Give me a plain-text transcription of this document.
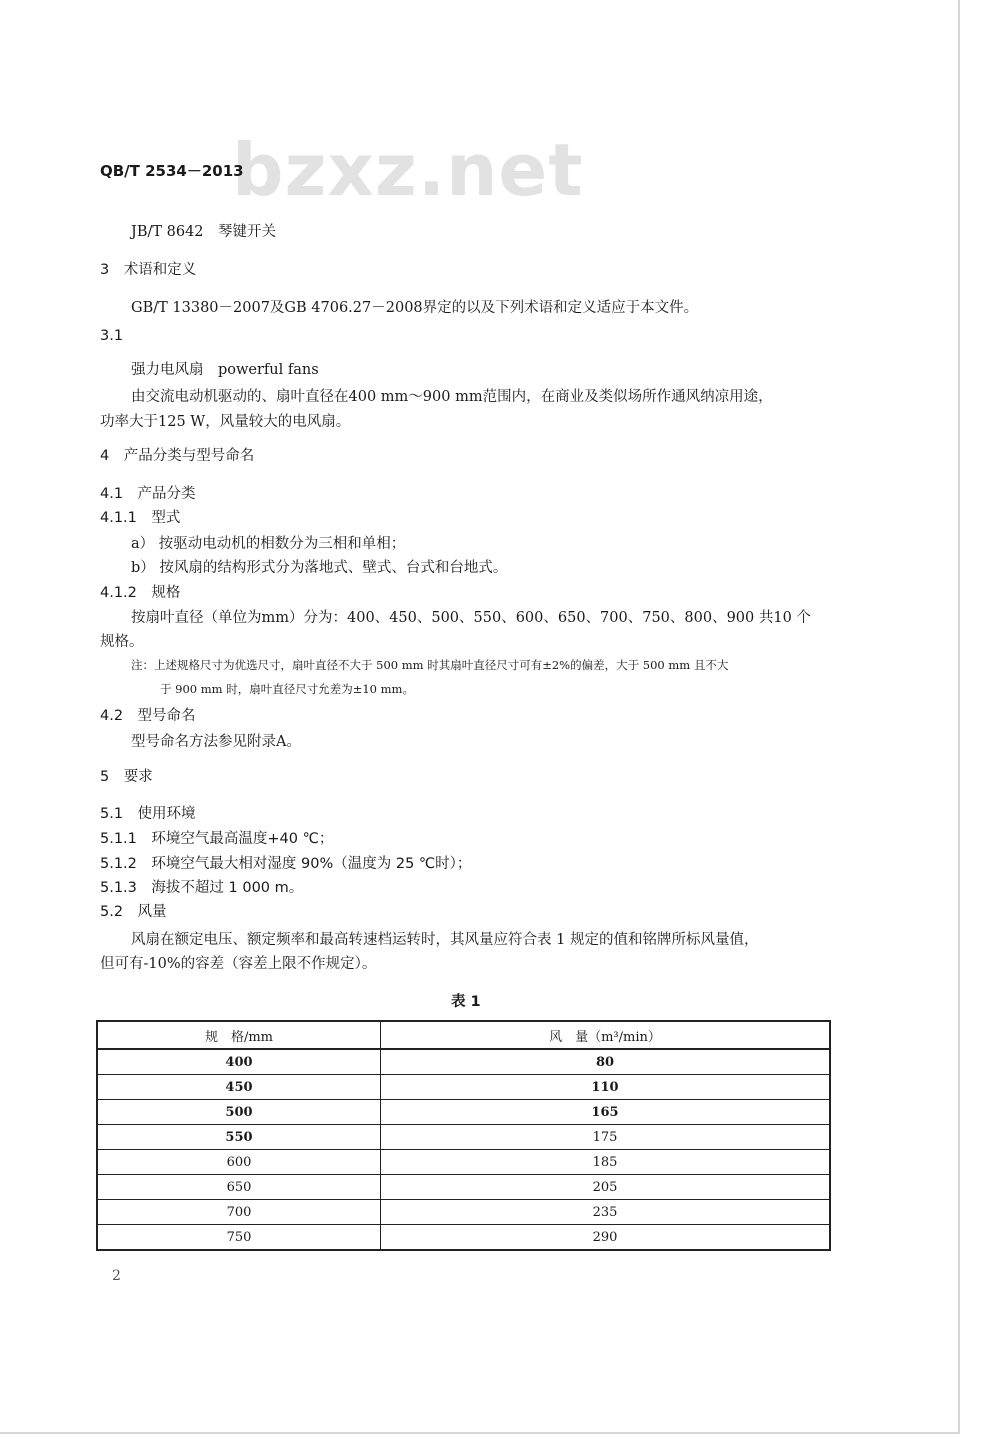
bzxz.net
QB/T 2534－2013
JB/T 8642　琴键开关
3　术语和定义
GB/T 13380－2007及GB 4706.27－2008界定的以及下列术语和定义适应于本文件。
3.1
强力电风扇　powerful fans
由交流电动机驱动的、扇叶直径在400 mm～900 mm范围内，在商业及类似场所作通风纳凉用途，
功率大于125 W，风量较大的电风扇。
4　产品分类与型号命名
4.1　产品分类
4.1.1　型式
a） 按驱动电动机的相数分为三相和单相；
b） 按风扇的结构形式分为落地式、壁式、台式和台地式。
4.1.2　规格
按扇叶直径（单位为mm）分为：400、450、500、550、600、650、700、750、800、900 共10 个
规格。
注：上述规格尺寸为优选尺寸，扇叶直径不大于 500 mm 时其扇叶直径尺寸可有±2%的偏差，大于 500 mm 且不大
于 900 mm 时，扇叶直径尺寸允差为±10 mm。
4.2　型号命名
型号命名方法参见附录A。
5　要求
5.1　使用环境
5.1.1　环境空气最高温度+40 ℃；
5.1.2　环境空气最大相对湿度 90%（温度为 25 ℃时）；
5.1.3　海拔不超过 1 000 m。
5.2　风量
风扇在额定电压、额定频率和最高转速档运转时，其风量应符合表 1 规定的值和铭牌所标风量值，
但可有-10%的容差（容差上限不作规定）。
表 1
规　格/mm	风　量（m³/min）
400	80
450	110
500	165
550	175
600	185
650	205
700	235
750	290
2
